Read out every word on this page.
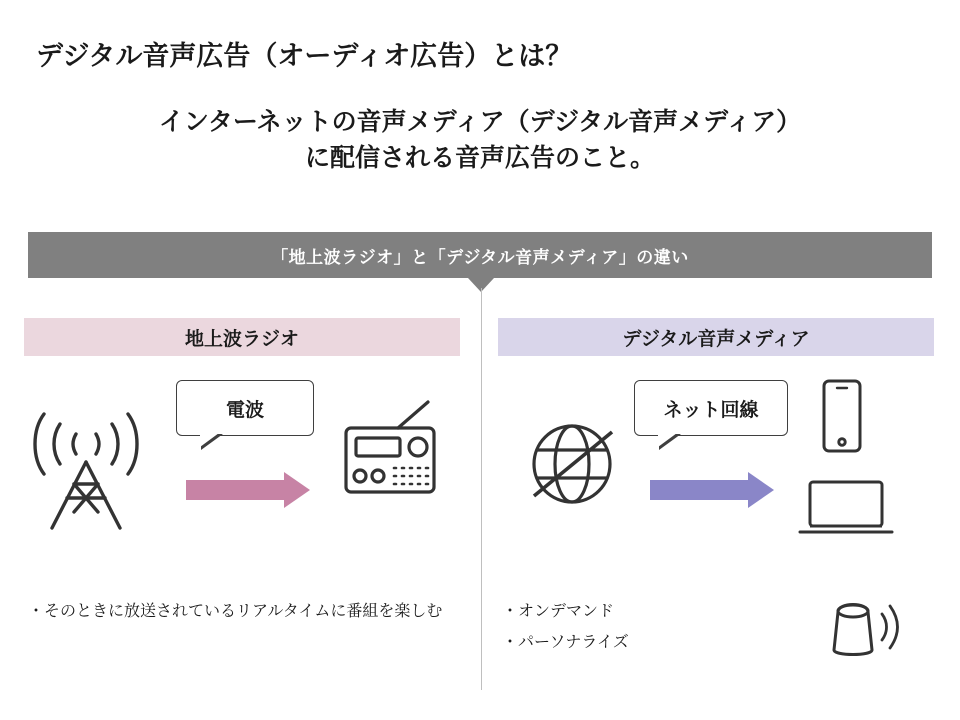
デジタル音声広告（オーディオ広告）とは？
インターネットの音声メディア（デジタル音声メディア）
に配信される音声広告のこと。
「地上波ラジオ」と「デジタル音声メディア」の違い
地上波ラジオ
電波

・そのときに放送されているリアルタイムに番組を楽しむ

デジタル音声メディア
ネット回線

・オンデマンド

・パーソナライズ
